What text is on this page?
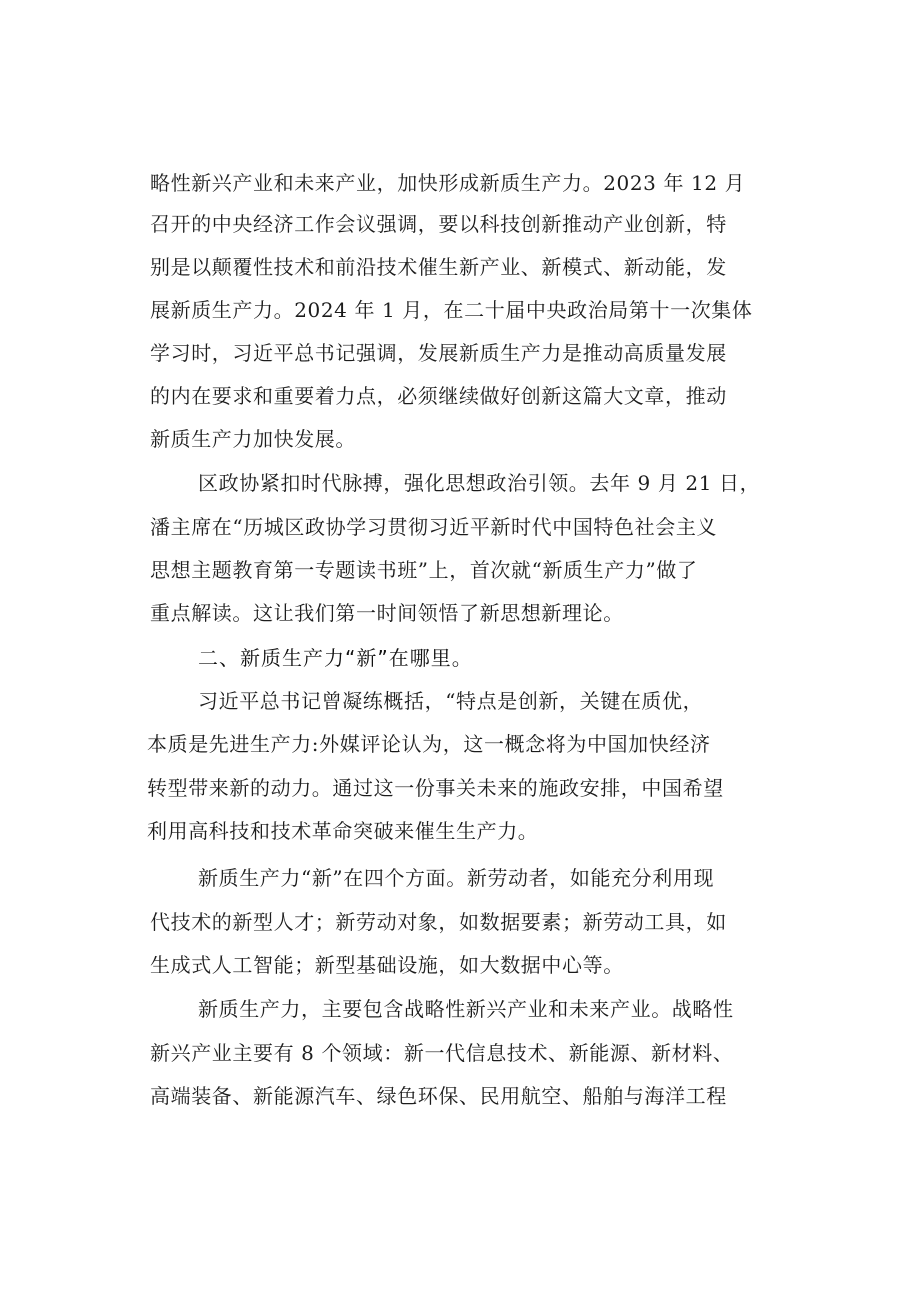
略性新兴产业和未来产业，加快形成新质生产力。2023 年 12 月
召开的中央经济工作会议强调，要以科技创新推动产业创新，特
别是以颠覆性技术和前沿技术催生新产业、新模式、新动能，发
展新质生产力。2024 年 1 月，在二十届中央政治局第十一次集体
学习时，习近平总书记强调，发展新质生产力是推动高质量发展
的内在要求和重要着力点，必须继续做好创新这篇大文章，推动
新质生产力加快发展。
区政协紧扣时代脉搏，强化思想政治引领。去年 9 月 21 日，
潘主席在“历城区政协学习贯彻习近平新时代中国特色社会主义
思想主题教育第一专题读书班”上，首次就“新质生产力”做了
重点解读。这让我们第一时间领悟了新思想新理论。
二、新质生产力“新”在哪里。
习近平总书记曾凝练概括，“特点是创新，关键在质优，
本质是先进生产力:外媒评论认为，这一概念将为中国加快经济
转型带来新的动力。通过这一份事关未来的施政安排，中国希望
利用高科技和技术革命突破来催生生产力。
新质生产力“新”在四个方面。新劳动者，如能充分利用现
代技术的新型人才；新劳动对象，如数据要素；新劳动工具，如
生成式人工智能；新型基础设施，如大数据中心等。
新质生产力，主要包含战略性新兴产业和未来产业。战略性
新兴产业主要有 8 个领域：新一代信息技术、新能源、新材料、
高端装备、新能源汽车、绿色环保、民用航空、船舶与海洋工程
